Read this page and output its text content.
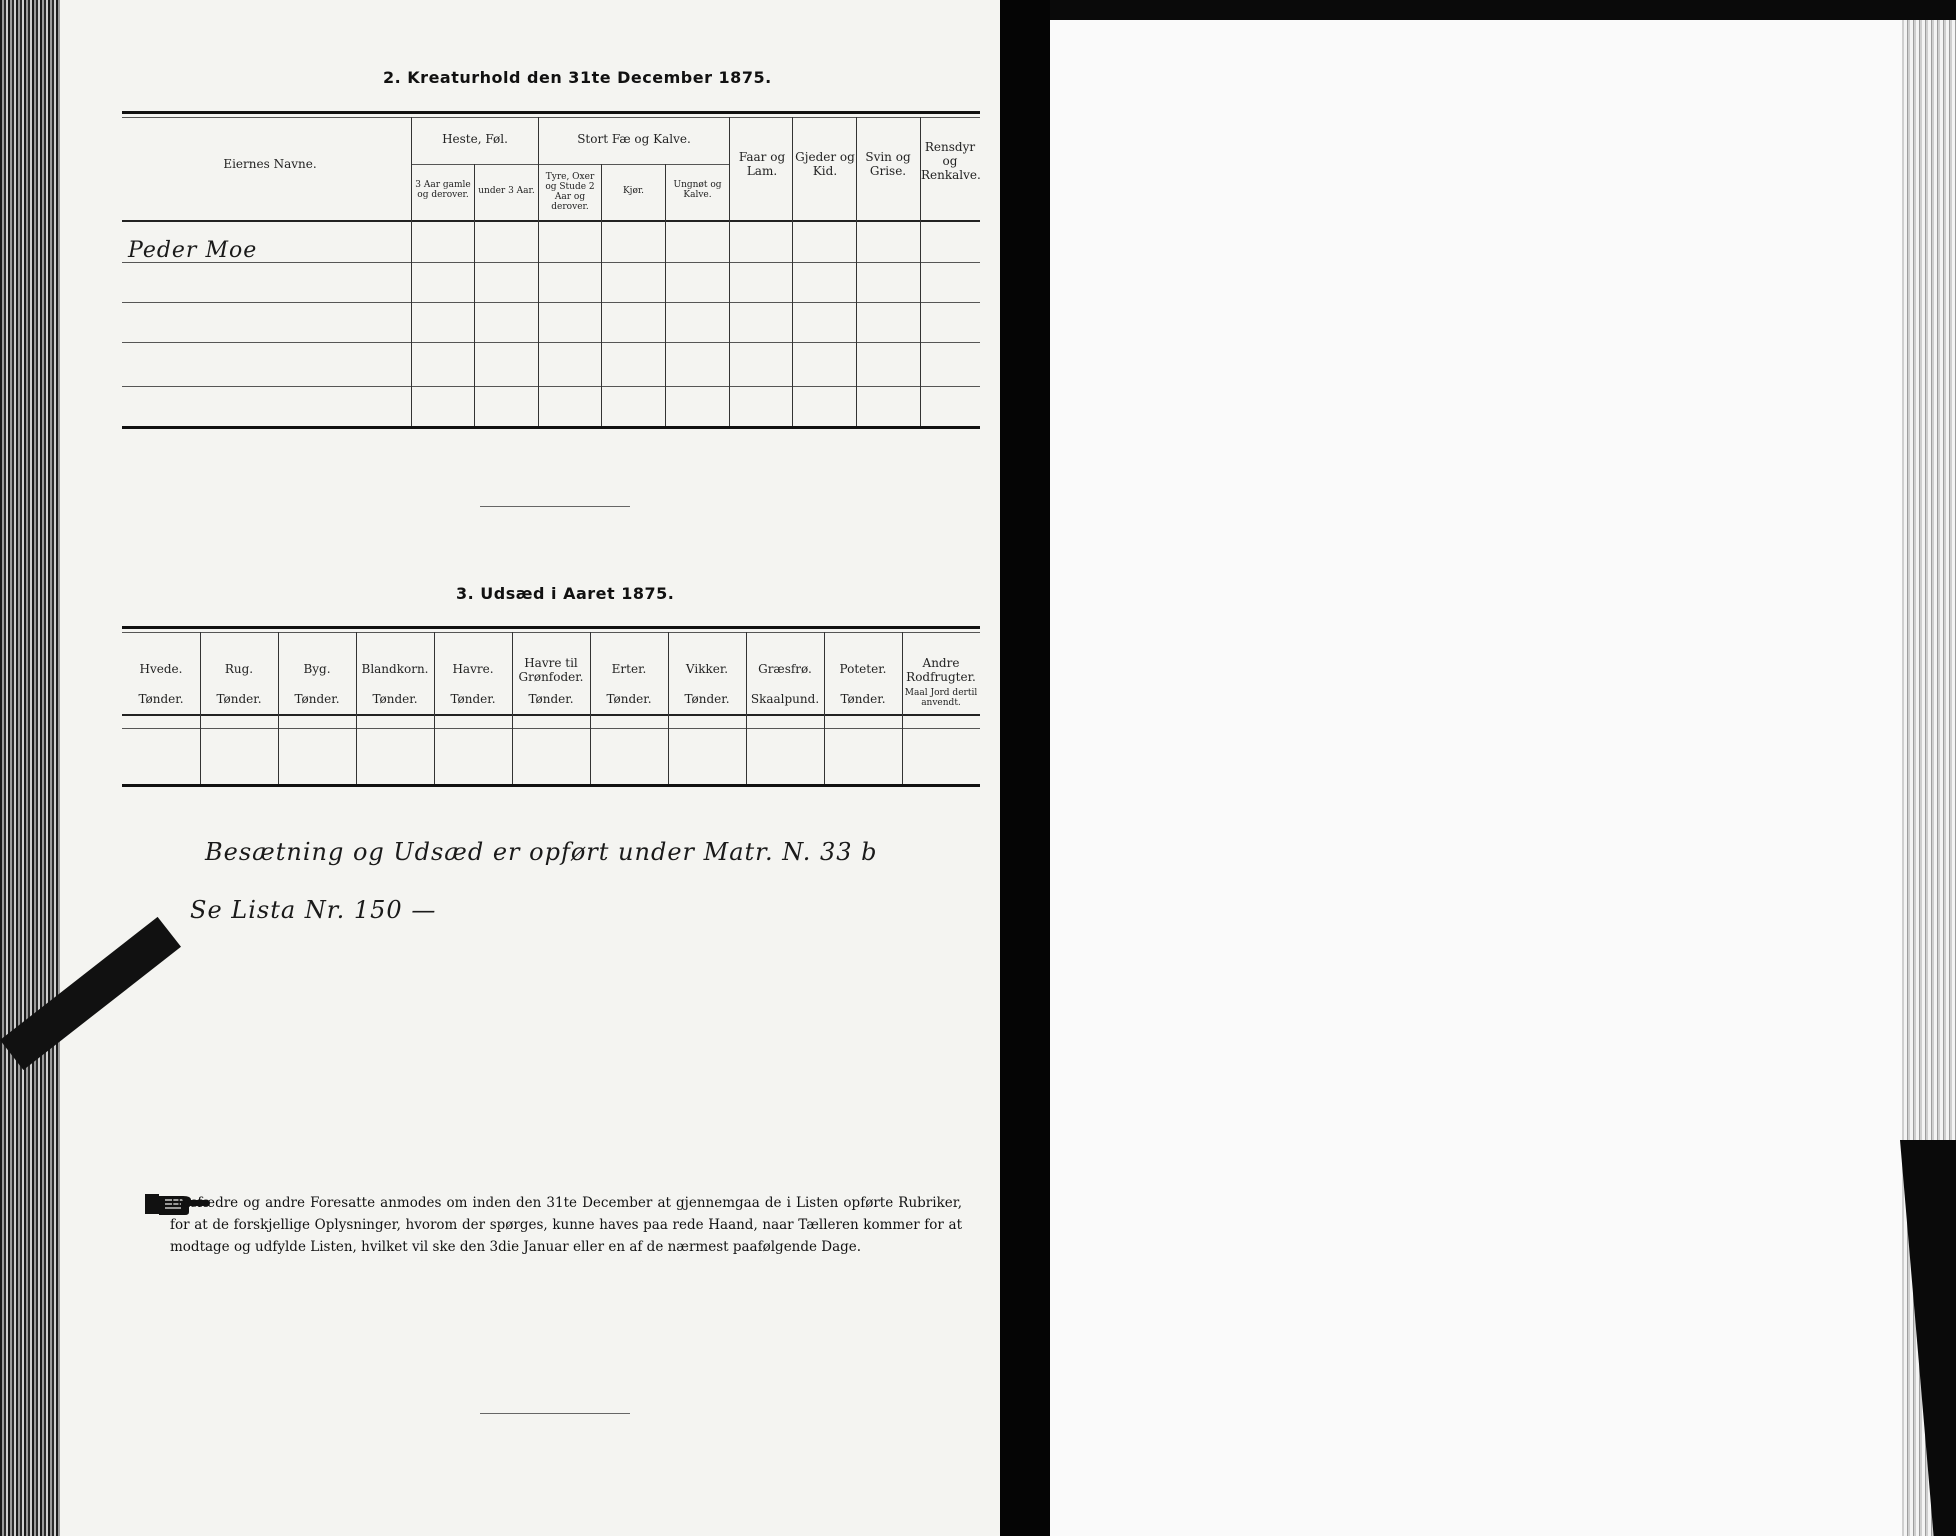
2. Kreaturhold den 31te December 1875.
Eiernes Navne.
Heste, Føl.
3 Aar gamle og derover.	under 3 Aar.
Stort Fæ og Kalve.
Tyre, Oxer og Stude 2 Aar og derover.
Kjør.
Ungnøt og Kalve.
Faar og Lam.
Gjeder og Kid.
Svin og Grise.
Rensdyr og Renkalve.
Peder Moe
3. Udsæd i Aaret 1875.
Hvede.
Tønder.
Rug.
Tønder.
Byg.
Tønder.
Blandkorn.
Tønder.
Havre.
Tønder.
Havre til Grønfoder.
Tønder.
Erter.
Tønder.
Vikker.
Tønder.
Græsfrø.
Skaalpund.
Poteter.
Tønder.
Andre Rodfrugter.
Maal Jord dertil anvendt.
Besætning og Udsæd er opført under Matr. N. 33 b
Se Lista Nr. 150 —
Husfædre og andre Foresatte anmodes om inden den 31te December at gjennemgaa de i Listen opførte Rubriker, for at de forskjellige Oplysninger, hvorom der spørges, kunne haves paa rede Haand, naar Tælleren kommer for at modtage og udfylde Listen, hvilket vil ske den 3die Januar eller en af de nærmest paafølgende Dage.
